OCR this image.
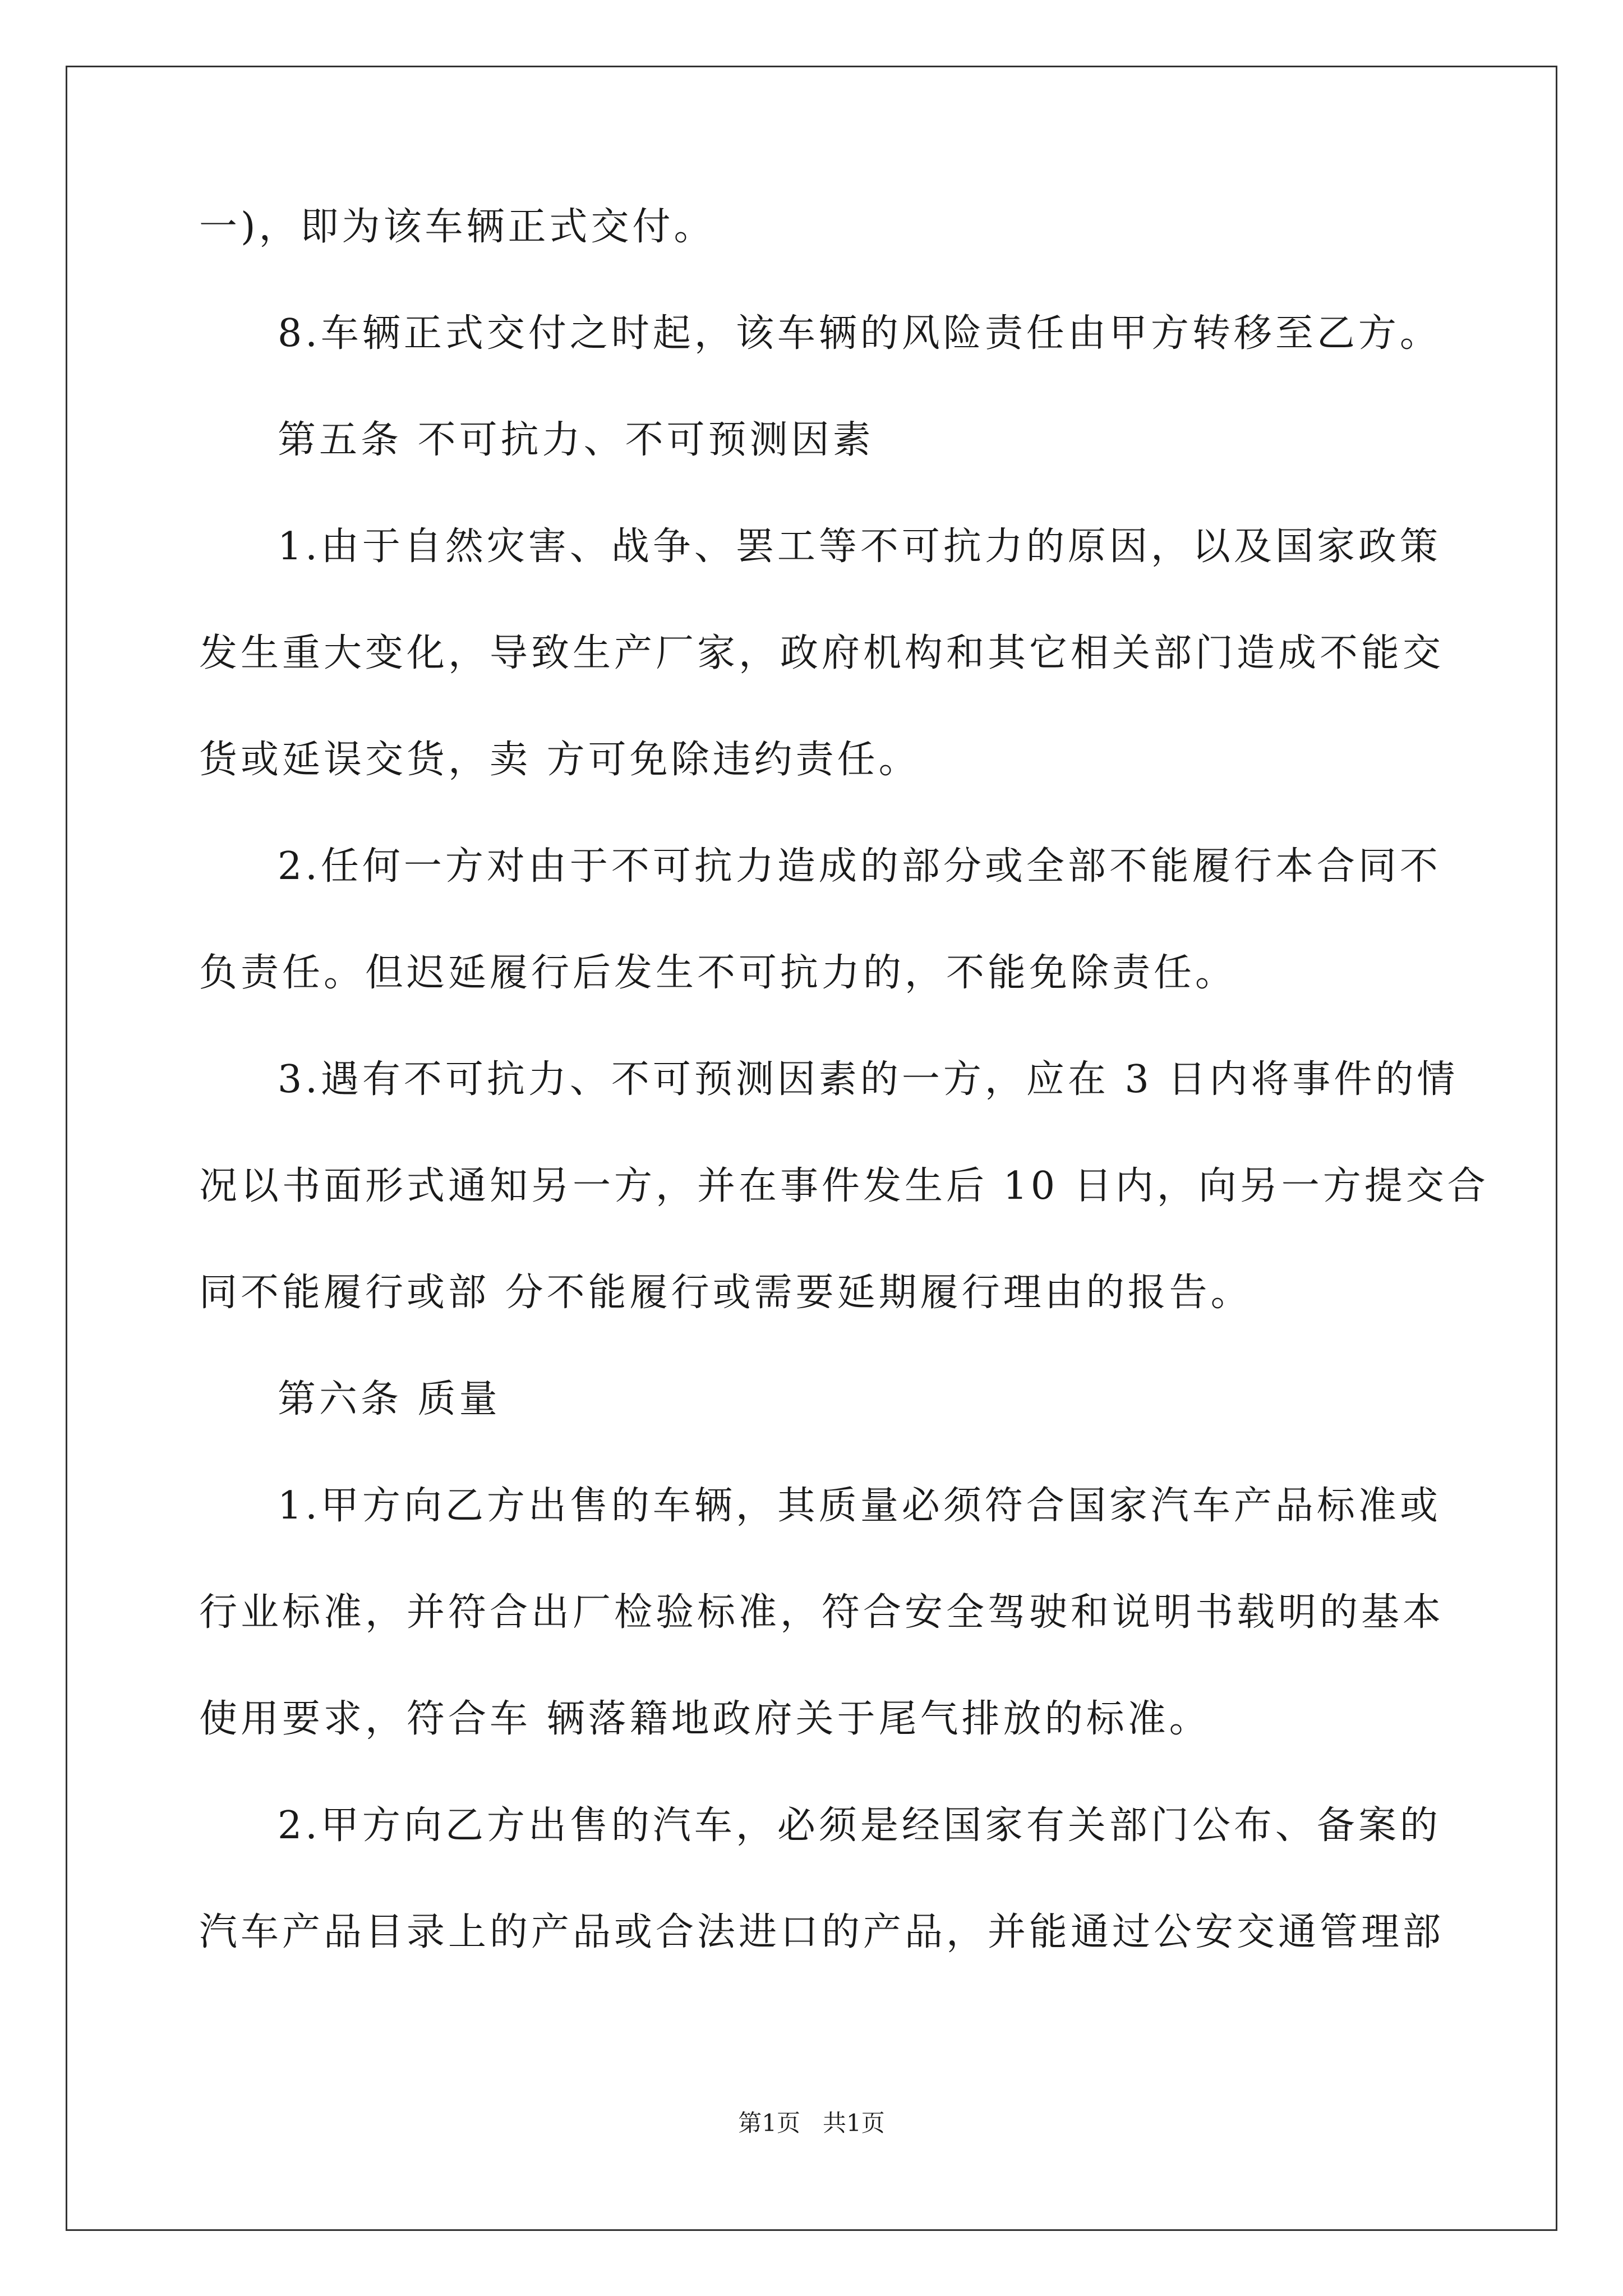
一)，即为该车辆正式交付。
8.车辆正式交付之时起，该车辆的风险责任由甲方转移至乙方。
第五条 不可抗力、不可预测因素
1.由于自然灾害、战争、罢工等不可抗力的原因，以及国家政策
发生重大变化，导致生产厂家，政府机构和其它相关部门造成不能交
货或延误交货，卖 方可免除违约责任。
2.任何一方对由于不可抗力造成的部分或全部不能履行本合同不
负责任。但迟延履行后发生不可抗力的，不能免除责任。
3.遇有不可抗力、不可预测因素的一方，应在 3 日内将事件的情
况以书面形式通知另一方，并在事件发生后 10 日内，向另一方提交合
同不能履行或部 分不能履行或需要延期履行理由的报告。
第六条 质量
1.甲方向乙方出售的车辆，其质量必须符合国家汽车产品标准或
行业标准，并符合出厂检验标准，符合安全驾驶和说明书载明的基本
使用要求，符合车 辆落籍地政府关于尾气排放的标准。
2.甲方向乙方出售的汽车，必须是经国家有关部门公布、备案的
汽车产品目录上的产品或合法进口的产品，并能通过公安交通管理部
第1页   共1页
